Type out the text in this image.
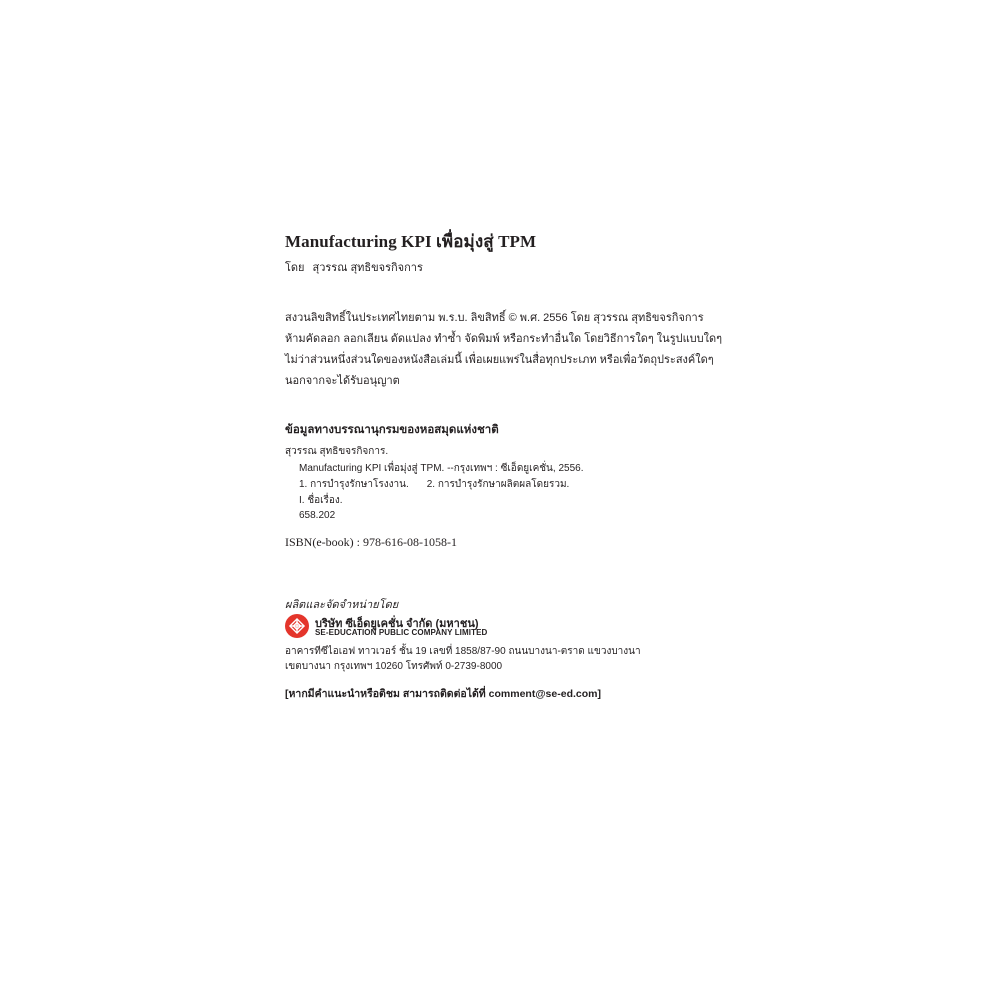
Manufacturing KPI เพื่อมุ่งสู่ TPM
โดย สุวรรณ สุทธิขจรกิจการ
สงวนลิขสิทธิ์ในประเทศไทยตาม พ.ร.บ. ลิขสิทธิ์ © พ.ศ. 2556 โดย สุวรรณ สุทธิขจรกิจการ
ห้ามคัดลอก ลอกเลียน ดัดแปลง ทำซ้ำ จัดพิมพ์ หรือกระทำอื่นใด โดยวิธีการใดๆ ในรูปแบบใดๆ
ไม่ว่าส่วนหนึ่งส่วนใดของหนังสือเล่มนี้ เพื่อเผยแพร่ในสื่อทุกประเภท หรือเพื่อวัตถุประสงค์ใดๆ
นอกจากจะได้รับอนุญาต
ข้อมูลทางบรรณานุกรมของหอสมุดแห่งชาติ
สุวรรณ สุทธิขจรกิจการ.
Manufacturing KPI เพื่อมุ่งสู่ TPM. --กรุงเทพฯ : ซีเอ็ดยูเคชั่น, 2556.
1. การบำรุงรักษาโรงงาน. 2. การบำรุงรักษาผลิตผลโดยรวม.
I. ชื่อเรื่อง.
658.202
ISBN(e-book) : 978-616-08-1058-1
ผลิตและจัดจำหน่ายโดย
บริษัท ซีเอ็ดยูเคชั่น จำกัด (มหาชน)
SE-EDUCATION PUBLIC COMPANY LIMITED
อาคารทีซีไอเอฟ ทาวเวอร์ ชั้น 19 เลขที่ 1858/87-90 ถนนบางนา-ตราด แขวงบางนา
เขตบางนา กรุงเทพฯ 10260 โทรศัพท์ 0-2739-8000
[หากมีคำแนะนำหรือติชม สามารถติดต่อได้ที่ comment@se-ed.com]
